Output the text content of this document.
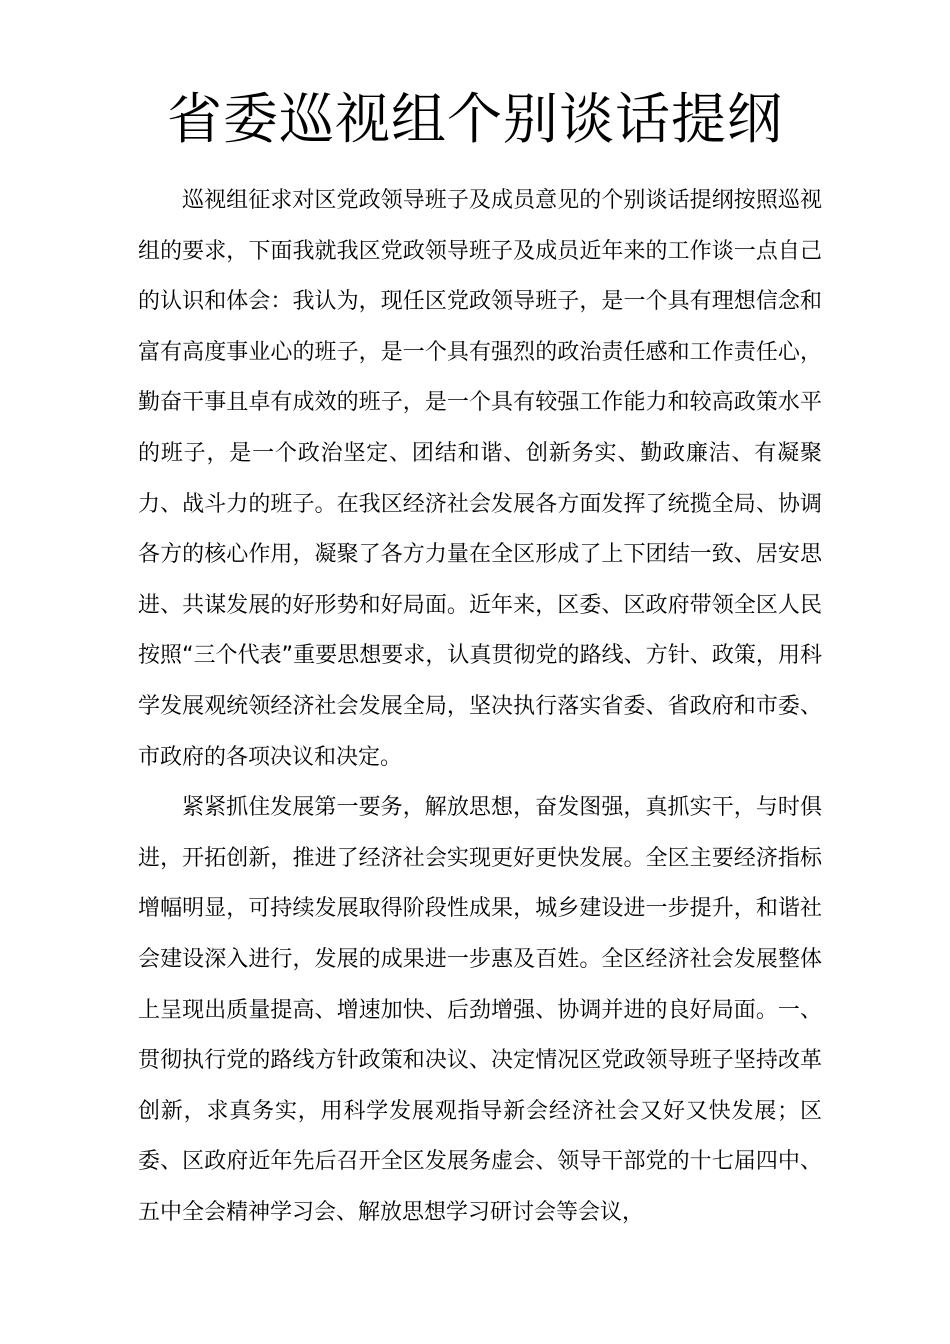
省委巡视组个别谈话提纲

巡视组征求对区党政领导班子及成员意见的个别谈话提纲按照巡视组的要求，下面我就我区党政领导班子及成员近年来的工作谈一点自己的认识和体会：我认为，现任区党政领导班子，是一个具有理想信念和富有高度事业心的班子，是一个具有强烈的政治责任感和工作责任心，勤奋干事且卓有成效的班子，是一个具有较强工作能力和较高政策水平的班子，是一个政治坚定、团结和谐、创新务实、勤政廉洁、有凝聚力、战斗力的班子。在我区经济社会发展各方面发挥了统揽全局、协调各方的核心作用，凝聚了各方力量在全区形成了上下团结一致、居安思进、共谋发展的好形势和好局面。近年来，区委、区政府带领全区人民按照“三个代表”重要思想要求，认真贯彻党的路线、方针、政策，用科学发展观统领经济社会发展全局，坚决执行落实省委、省政府和市委、市政府的各项决议和决定。

紧紧抓住发展第一要务，解放思想，奋发图强，真抓实干，与时俱进，开拓创新，推进了经济社会实现更好更快发展。全区主要经济指标增幅明显，可持续发展取得阶段性成果，城乡建设进一步提升，和谐社会建设深入进行，发展的成果进一步惠及百姓。全区经济社会发展整体上呈现出质量提高、增速加快、后劲增强、协调并进的良好局面。一、贯彻执行党的路线方针政策和决议、决定情况区党政领导班子坚持改革创新，求真务实，用科学发展观指导新会经济社会又好又快发展；区委、区政府近年先后召开全区发展务虚会、领导干部党的十七届四中、五中全会精神学习会、解放思想学习研讨会等会议，
